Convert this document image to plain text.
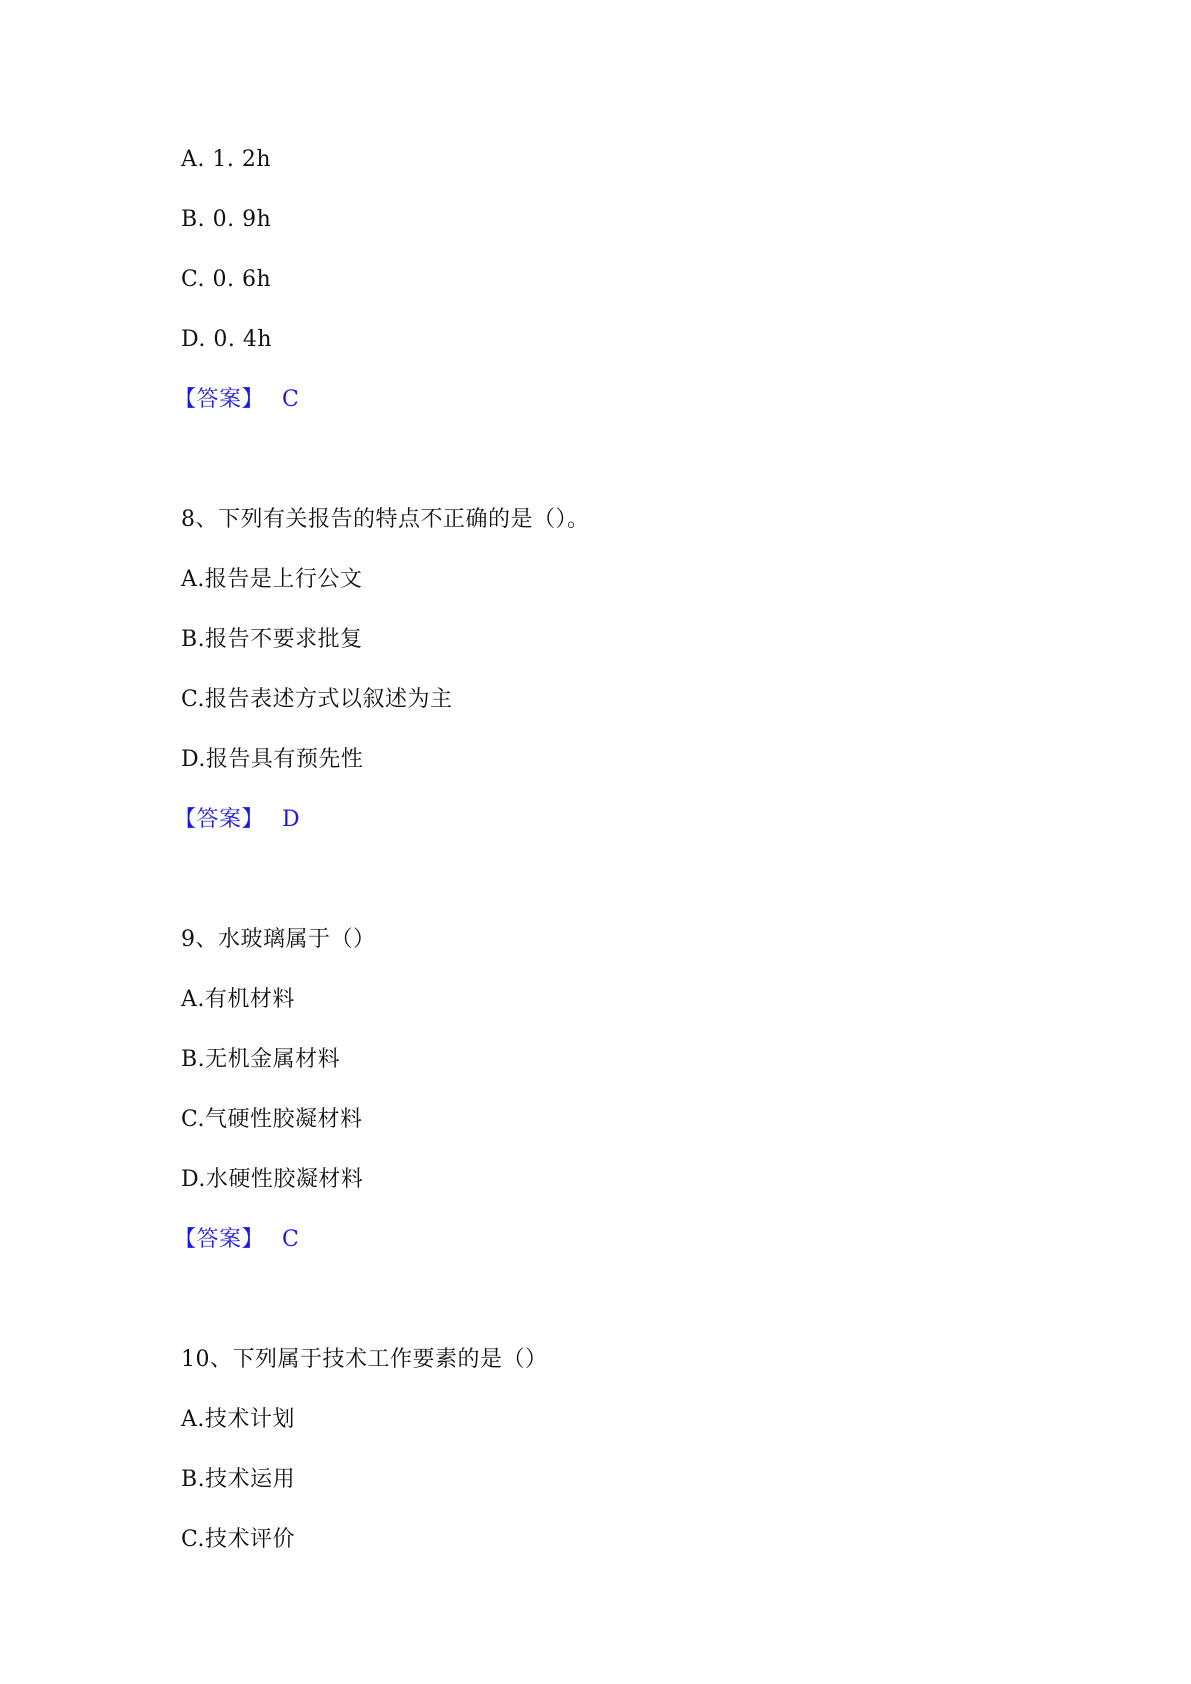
A. 1. 2h
B. 0. 9h
C. 0. 6h
D. 0. 4h
【答案】 C
8、下列有关报告的特点不正确的是（）。
A.报告是上行公文
B.报告不要求批复
C.报告表述方式以叙述为主
D.报告具有预先性
【答案】 D
9、水玻璃属于（）
A.有机材料
B.无机金属材料
C.气硬性胶凝材料
D.水硬性胶凝材料
【答案】 C
10、下列属于技术工作要素的是（）
A.技术计划
B.技术运用
C.技术评价
